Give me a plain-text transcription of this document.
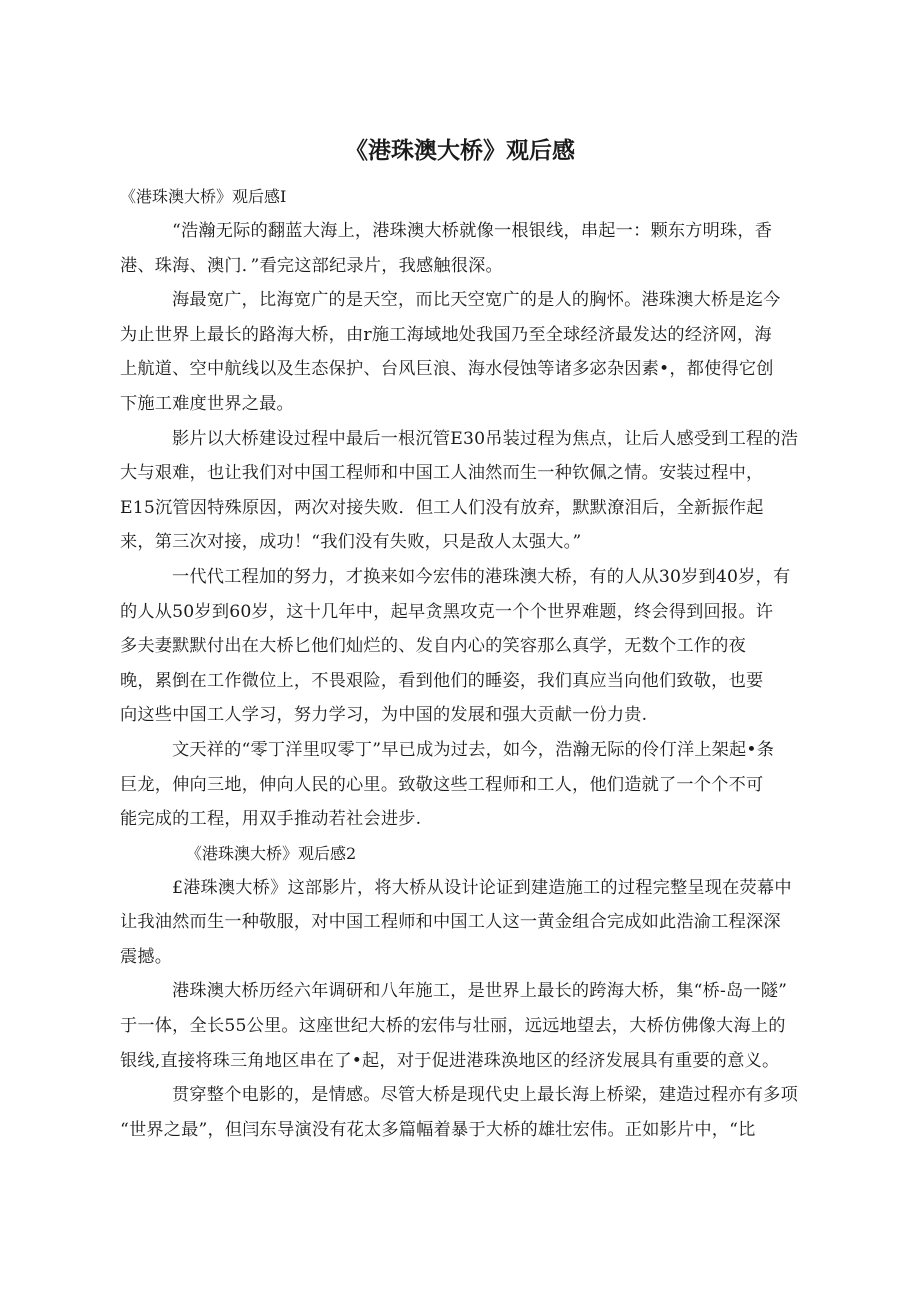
《港珠澳大桥》观后感

《港珠澳大桥》观后感I

“浩瀚无际的翻蓝大海上，港珠澳大桥就像一根银线，串起一：颗东方明珠，香
港、珠海、澳门．”看完这部纪录片，我感触很深。

海最宽广，比海宽广的是天空，而比天空宽广的是人的胸怀。港珠澳大桥是迄今
为止世界上最长的路海大桥，由r施工海域地处我国乃至全球经济最发达的经济网，海
上航道、空中航线以及生态保护、台风巨浪、海水侵蚀等诸多宓杂因素•，都使得它创
下施工难度世界之最。

影片以大桥建设过程中最后一根沉管E30吊装过程为焦点，让后人感受到工程的浩
大与艰难，也让我们对中国工程师和中国工人油然而生一种钦佩之情。安装过程中，
E15沉管因特殊原因，两次对接失败．但工人们没有放弃，默默潦泪后，全新振作起
来，第三次对接，成功！“我们没有失败，只是敌人太强大。”

一代代工程加的努力，才换来如今宏伟的港珠澳大桥，有的人从30岁到40岁，有
的人从50岁到60岁，这十几年中，起早贪黑攻克一个个世界难题，终会得到回报。许
多夫妻默默付出在大桥匕他们灿烂的、发自内心的笑容那么真学，无数个工作的夜
晚，累倒在工作微位上，不畏艰险，看到他们的睡姿，我们真应当向他们致敬，也要
向这些中国工人学习，努力学习，为中国的发展和强大贡献一份力贵.

文天祥的“零丁洋里叹零丁”早已成为过去，如今，浩瀚无际的伶仃洋上架起•条
巨龙，伸向三地，伸向人民的心里。致敬这些工程师和工人，他们造就了一个个不可
能完成的工程，用双手推动若社会进步.

《港珠澳大桥》观后感2

£港珠澳大桥》这部影片，将大桥从设计论证到建造施工的过程完整呈现在荧幕中
让我油然而生一种敬服，对中国工程师和中国工人这一黄金组合完成如此浩渝工程深深
震撼。

港珠澳大桥历经六年调研和八年施工，是世界上最长的跨海大桥，集“桥-岛一隧”
于一体，全长55公里。这座世纪大桥的宏伟与壮丽，远远地望去，大桥仿佛像大海上的
银线,直接将珠三角地区串在了•起，对于促进港珠涣地区的经济发展具有重要的意义。

贯穿整个电影的，是情感。尽管大桥是现代史上最长海上桥梁，建造过程亦有多项
“世界之最”，但闫东导演没有花太多篇幅着暴于大桥的雄壮宏伟。正如影片中，“比
